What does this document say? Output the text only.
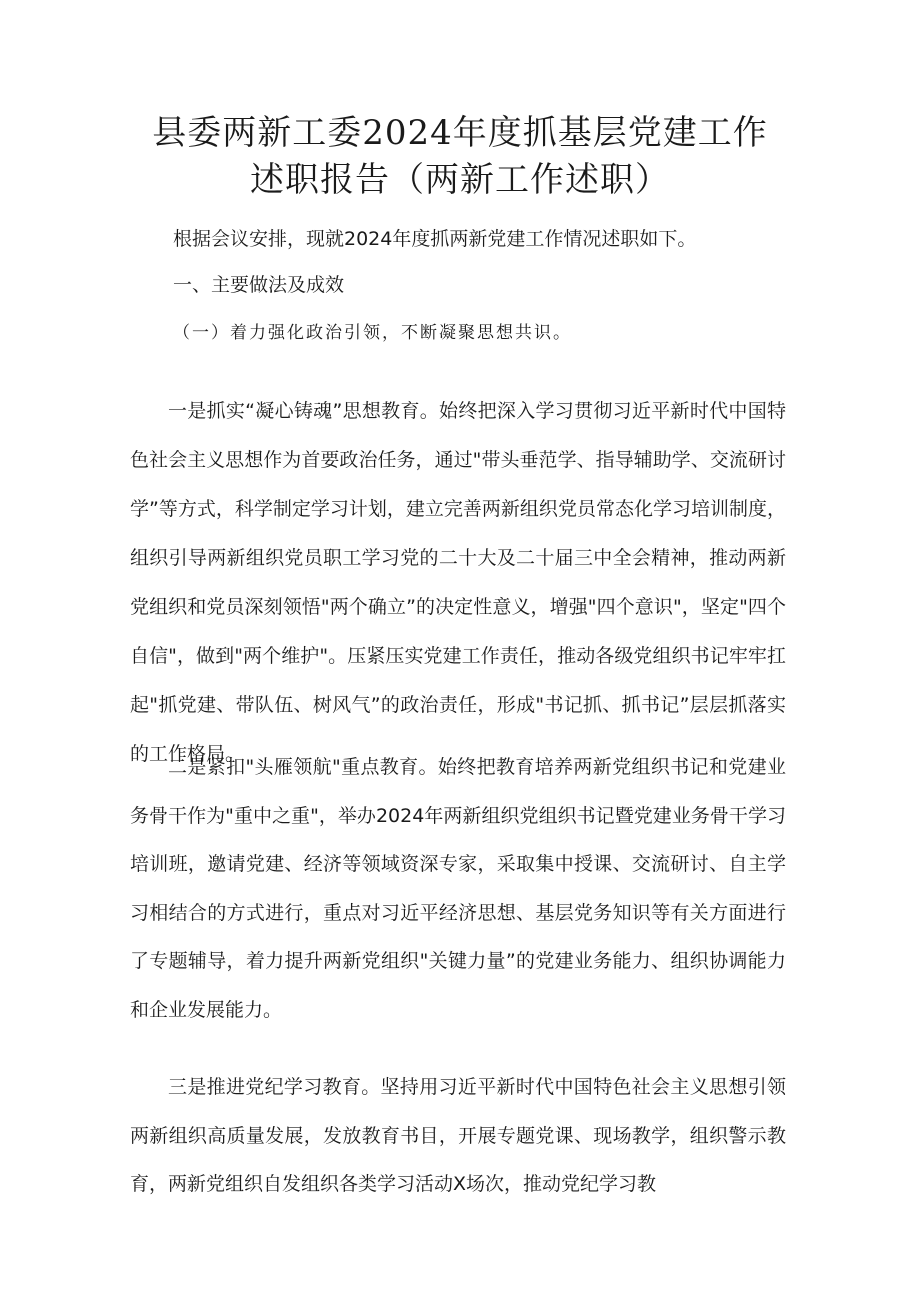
县委两新工委2024年度抓基层党建工作
述职报告（两新工作述职）
根据会议安排，现就2024年度抓两新党建工作情况述职如下。
一、主要做法及成效
（一）着力强化政治引领，不断凝聚思想共识。

一是抓实“凝心铸魂”思想教育。始终把深入学习贯彻习近平新时代中国特色社会主义思想作为首要政治任务，通过"带头垂范学、指导辅助学、交流研讨学”等方式，科学制定学习计划，建立完善两新组织党员常态化学习培训制度，组织引导两新组织党员职工学习党的二十大及二十届三中全会精神，推动两新党组织和党员深刻领悟"两个确立”的决定性意义，增强"四个意识"，坚定"四个自信"，做到"两个维护"。压紧压实党建工作责任，推动各级党组织书记牢牢扛起"抓党建、带队伍、树风气”的政治责任，形成"书记抓、抓书记”层层抓落实的工作格局。

二是紧扣"头雁领航"重点教育。始终把教育培养两新党组织书记和党建业务骨干作为"重中之重"，举办2024年两新组织党组织书记暨党建业务骨干学习培训班，邀请党建、经济等领域资深专家，采取集中授课、交流研讨、自主学习相结合的方式进行，重点对习近平经济思想、基层党务知识等有关方面进行了专题辅导，着力提升两新党组织"关键力量”的党建业务能力、组织协调能力和企业发展能力。

三是推进党纪学习教育。坚持用习近平新时代中国特色社会主义思想引领两新组织高质量发展，发放教育书目，开展专题党课、现场教学，组织警示教育，两新党组织自发组织各类学习活动X场次，推动党纪学习教
